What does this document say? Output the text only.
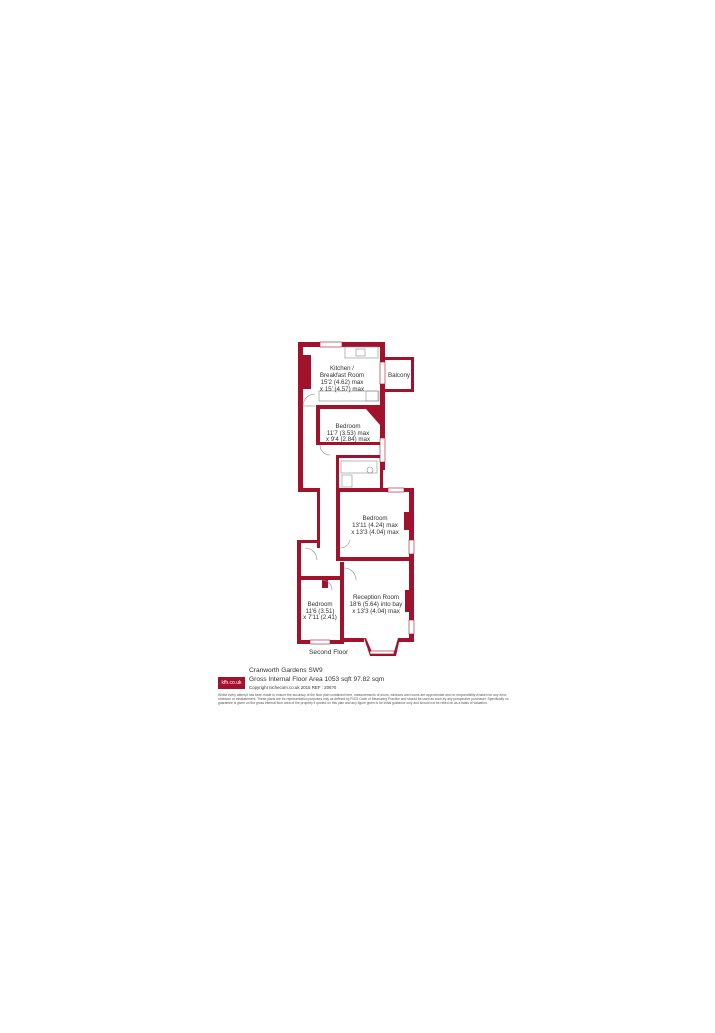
Kitchen /
Breakfast Room
15'2 (4.62) max
x 15' (4.57) max
Balcony
Bedroom
11'7 (3.53) max
x 9'4 (2.84) max
Bedroom
13'11 (4.24) max
x 13'3 (4.04) max
Reception Room
18'6 (5.64) into bay
x 13'3 (4.04) max
Bedroom
11'6 (3.51)
x 7'11 (2.41)
Second Floor
kfh.co.uk
Cranworth Gardens SW9
Gross Internal Floor Area 1053 sqft 97.82 sqm
Copyright nichecom.co.uk 2015 REF : 206?0
Whilst every attempt has been made to ensure the accuracy of the floor plan contained here, measurements of doors, windows and rooms are approximate and no responsibility is taken for any error, omission or misstatement. These plans are for representation purposes only as defined by RICS Code of Measuring Practice and should be used as such by any prospective purchaser. Specifically no guarantee is given on the gross internal floor area of the property if quoted on this plan and any figure given is for initial guidance only and should not be relied on as a basis of valuation.
